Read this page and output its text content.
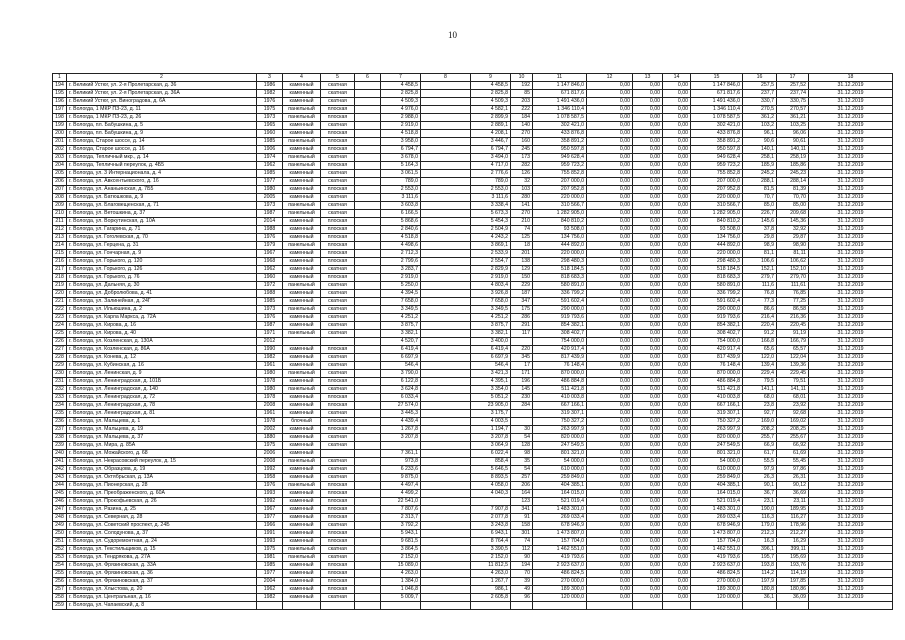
10
1	2	3	4	5	6	7	8	9	10	11	12	13	14	15	16	17	18
194	г. Великий Устюг, ул. 2-я Пролетарская, д. 36	1986	каменный	скатная		4 458,5		4 458,5	192	1 147 846,0	0,00	0,00	0,00	1 147 846,0	257,5	257,52	31.12.2019
195	г. Великий Устюг, ул. 2-я Пролетарская, д. 36А	1982	каменный	скатная		2 825,8		2 825,8	85	671 817,6	0,00	0,00	0,00	671 817,6	237,7	237,74	31.12.2019
196	г. Великий Устюг, ул. Виноградова, д. 6А	1976	каменный	скатная		4 509,3		4 509,3	203	1 491 436,0	0,00	0,00	0,00	1 491 436,0	330,7	330,75	31.12.2019
197	г. Вологда, 1 МКР ПЗ-23, д. 11	1975	панельный	плоская		4 976,0		4 582,1	222	1 346 110,4	0,00	0,00	0,00	1 346 110,4	270,5	270,57	31.12.2019
198	г. Вологда, 1 МКР ПЗ-23, д. 26	1973	панельный	плоская		2 988,0		2 899,9	184	1 078 587,5	0,00	0,00	0,00	1 078 587,5	361,2	361,21	31.12.2019
199	г. Вологда, пл. Бабушкина, д. 5	1965	каменный	скатная		2 919,0		2 889,1	140	302 421,0	0,00	0,00	0,00	302 421,0	103,2	103,25	31.12.2019
200	г. Вологда, пл. Бабушкина, д. 9	1960	каменный	плоская		4 518,8		4 208,1	270	433 876,8	0,00	0,00	0,00	433 876,8	96,1	96,06	31.12.2019
201	г. Вологда, Старое шоссе, д. 14	1985	панельный	плоская		3 958,0		3 446,7	160	358 891,2	0,00	0,00	0,00	358 891,2	90,6	90,61	31.12.2019
202	г. Вологда, Старое шоссе, д. 16	1906	каменный	плоская		6 794,7		6 794,7	245	950 597,8	0,00	0,00	0,00	950 597,8	140,1	140,11	31.12.2019
203	г. Вологда, Тепличный мкр., д. 14	1974	панельный	скатная		3 678,0		3 494,0	173	949 628,4	0,00	0,00	0,00	949 628,4	258,1	258,19	31.12.2019
204	г. Вологда, Тепличный переулок, д. 4Б5	1962	панельный	плоская		5 164,3		4 717,0	282	959 723,2	0,00	0,00	0,00	959 723,2	185,9	185,86	31.12.2019
205	г. Вологда, ул. 3 Интернационала, д. 4	1985	каменный	скатная		3 061,5		2 776,6	126	755 852,8	0,00	0,00	0,00	755 852,8	245,2	245,23	31.12.2019
206	г. Вологда, ул. Авксентьевского, д. 16	1977	каменный	скатная		789,0		789,0	32	207 000,0	0,00	0,00	0,00	207 000,0	288,1	288,14	31.12.2019
207	г. Вологда, ул. Ананьинская, д. 7Б5	1980	каменный	плоская		2 553,0		2 553,0	103	207 952,8	0,00	0,00	0,00	207 952,8	81,5	81,39	31.12.2019
208	г. Вологда, ул. Батюшкова, д. 9	2005	каменный	скатная		3 111,6		3 111,6	280	220 000,0	0,00	0,00	0,00	220 000,0	70,7	70,70	31.12.2019
209	г. Вологда, ул. Благовещенская, д. 71	1973	панельный	скатная		3 603,8		3 338,4	141	310 566,7	0,00	0,00	0,00	310 566,7	85,0	85,00	31.12.2019
210	г. Вологда, ул. Ветошкина, д. 37	1987	панельный	скатная		6 166,5		5 673,3	270	1 282 905,0	0,00	0,00	0,00	1 282 905,0	226,7	209,68	31.12.2019
211	г. Вологда, ул. Воркутинская, д. 10А	2014	каменный	плоская		5 868,6		5 454,3	210	840 810,2	0,00	0,00	0,00	840 810,2	145,6	145,36	31.12.2019
212	г. Вологда, ул. Гагарина, д. 71	1988	каменный	плоская		2 840,6		2 504,9	74	93 508,0	0,00	0,00	0,00	93 508,0	37,8	32,92	31.12.2019
213	г. Вологда, ул. Гоголевская, д. 70	1976	каменный	плоская		4 518,8		4 243,2	125	134 756,0	0,00	0,00	0,00	134 756,0	29,8	29,87	31.12.2019
214	г. Вологда, ул. Герцена, д. 31	1979	панельный	плоская		4 498,6		3 869,1	18	444 892,0	0,00	0,00	0,00	444 892,0	98,9	98,90	31.12.2019
215	г. Вологда, ул. Гончарная, д. 9	1967	каменный	плоская		2 712,3		2 533,9	201	220 000,0	0,00	0,00	0,00	220 000,0	81,1	81,11	31.12.2019
216	г. Вологда, ул. Горького, д. 120	1968	каменный	плоская		2 799,6		2 554,7	138	298 480,3	0,00	0,00	0,00	298 480,3	106,6	106,62	31.12.2019
217	г. Вологда, ул. Горького, д. 126	1962	каменный	скатная		3 283,7		2 829,9	129	518 184,5	0,00	0,00	0,00	518 184,5	152,1	152,10	31.12.2019
218	г. Вологда, ул. Горького, д. 76	1960	каменный	плоская		2 919,0		2 919,0	150	818 683,3	0,00	0,00	0,00	818 683,3	279,7	279,70	31.12.2019
219	г. Вологда, ул. Дальняя, д. 30	1972	панельный	скатная		5 250,0		4 803,4	229	580 891,0	0,00	0,00	0,00	580 891,0	111,6	111,61	31.12.2019
220	г. Вологда, ул. Добролюбова, д. 41	1988	каменный	скатная		4 394,5		3 926,8	187	336 799,2	0,00	0,00	0,00	336 799,2	76,8	76,85	31.12.2019
221	г. Вологда, ул. Залинейная, д. 24Г	1985	каменный	скатная		7 658,0		7 658,0	347	591 602,4	0,00	0,00	0,00	591 602,4	77,3	77,25	31.12.2019
222	г. Вологда, ул. Ильюшина, д. 2	1973	панельный	скатная		3 349,5		3 349,5	175	290 000,0	0,00	0,00	0,00	290 000,0	86,6	86,58	31.12.2019
223	г. Вологда, ул. Карла Маркса, д. 72А	1976	каменный	скатная		4 251,2		4 251,2	286	919 793,6	0,00	0,00	0,00	919 793,6	216,4	216,36	31.12.2019
224	г. Вологда, ул. Кирова, д. 16	1987	каменный	скатная		3 875,7		3 875,7	291	854 382,1	0,00	0,00	0,00	854 382,1	220,4	220,45	31.12.2019
225	г. Вологда, ул. Кирова, д. 40	1971	панельный	скатная		3 382,1		3 382,1	117	308 402,7	0,00	0,00	0,00	308 402,7	91,2	91,19	31.12.2019
226	г. Вологда, ул. Козленская, д. 130А	2012				4 520,7		3 400,0		754 000,0	0,00	0,00	0,00	754 000,0	166,8	166,79	31.12.2019
227	г. Вологда, ул. Козленская, д. 86А	1990	каменный	плоская		6 419,4		6 419,4	220	420 917,4	0,00	0,00	0,00	420 917,4	65,6	65,57	31.12.2019
228	г. Вологда, ул. Конева, д. 12	1982	каменный	скатная		6 697,9		6 697,9	345	817 439,9	0,00	0,00	0,00	817 439,9	122,0	122,04	31.12.2019
229	г. Вологда, ул. Кубинская, д. 16	1961	каменный	скатная		546,4		546,4	17	76 148,4	0,00	0,00	0,00	76 148,4	139,4	139,36	31.12.2019
230	г. Вологда, ул. Ленинская, д. 9	1980	панельный	скатная		3 790,0		3 421,3	171	870 000,0	0,00	0,00	0,00	870 000,0	229,4	229,45	31.12.2019
231	г. Вологда, ул. Ленинградская, д. 101Б	1978	каменный	плоская		6 122,8		4 395,1	196	486 884,8	0,00	0,00	0,00	486 884,8	79,5	79,51	31.12.2019
232	г. Вологда, ул. Ленинградская, д. 140	1980	панельный	скатная		3 624,8		3 354,0	145	511 421,8	0,00	0,00	0,00	511 421,8	141,1	141,11	31.12.2019
233	г. Вологда, ул. Ленинградская, д. 72	1978	каменный	плоская		6 033,4		5 051,2	230	410 003,8	0,00	0,00	0,00	410 003,8	68,0	68,01	31.12.2019
234	г. Вологда, ул. Ленинградская, д. 78	2008	каменный	плоская		27 574,0		23 905,0	284	667 166,1	0,00	0,00	0,00	667 166,1	23,8	23,92	31.12.2019
235	г. Вологда, ул. Ленинградская, д. 81	1961	каменный	скатная		3 445,3		3 175,7		319 307,1	0,00	0,00	0,00	319 307,1	92,7	92,68	31.12.2019
236	г. Вологда, ул. Мальцева, д. 1	1978	блочный	плоская		4 439,4		4 003,5		750 327,2	0,00	0,00	0,00	750 327,2	169,0	169,02	31.12.2019
237	г. Вологда, ул. Мальцева, д. 19	2002	каменный	плоская		1 267,8		1 194,7	30	263 997,9	0,00	0,00	0,00	263 997,9	208,2	208,25	31.12.2019
238	г. Вологда, ул. Мальцева, д. 37	1880	каменный	скатная		3 207,8		3 207,8	54	820 000,0	0,00	0,00	0,00	820 000,0	255,7	255,67	31.12.2019
239	г. Вологда, ул. Мира, д. 85А	1975	каменный	скатная				3 064,9	128	247 549,5	0,00	0,00	0,00	247 549,5	66,9	66,92	31.12.2019
240	г. Вологда, ул. Можайского, д. 68	2006	каменный			7 361,1		6 022,4	98	801 321,0	0,00	0,00	0,00	801 321,0	61,7	61,69	31.12.2019
241	г. Вологда, ул. Некрасовский переулок, д. 15	2008	панельный	скатная		973,8		858,4	35	54 000,0	0,00	0,00	0,00	54 000,0	55,5	55,45	31.12.2019
242	г. Вологда, ул. Образцова, д. 19	1992	каменный	скатная		6 233,6		5 646,5	54	610 000,0	0,00	0,00	0,00	610 000,0	97,9	97,86	31.12.2019
243	г. Вологда, ул. Октябрьская, д. 13А	1958	каменный	скатная		9 875,0		8 893,5	257	259 849,0	0,00	0,00	0,00	259 849,0	26,3	26,31	31.12.2019
244	г. Вологда, ул. Пионерская, д. 28	1976	панельный	плоская		4 497,4		4 058,0	206	404 385,1	0,00	0,00	0,00	404 385,1	90,1	90,12	31.12.2019
245	г. Вологда, ул. Преображенского, д. 60А	1993	каменный	плоская		4 499,2		4 040,3	164	164 015,0	0,00	0,00	0,00	164 015,0	36,7	36,69	31.12.2019
246	г. Вологда, ул. Прокофьевская, д. 26	1992	каменный	плоская		22 541,0			123	521 019,4	0,00	0,00	0,00	521 019,4	23,1	23,11	31.12.2019
247	г. Вологда, ул. Разина, д. 25	1967	каменный	плоская		7 807,6		7 907,8	341	1 483 301,0	0,00	0,00	0,00	1 483 301,0	190,0	189,95	31.12.2019
248	г. Вологда, ул. Северная, д. 28	1977	каменный	плоская		2 313,7		2 077,8	91	269 033,4	0,00	0,00	0,00	269 033,4	116,3	116,27	31.12.2019
249	г. Вологда, ул. Советский проспект, д. 24Б	1966	каменный	скатная		3 792,2		3 243,8	158	678 946,9	0,00	0,00	0,00	678 946,9	179,0	178,96	31.12.2019
250	г. Вологда, ул. Солодунова, д. 37	1991	каменный	плоская		5 943,1		6 943,1	301	1 473 807,0	0,00	0,00	0,00	1 473 807,0	212,3	212,27	31.12.2019
251	г. Вологда, ул. Судоремонтная, д. 24	1993	каменный	плоская		9 681,5		8 764,4	74	157 704,0	0,00	0,00	0,00	157 704,0	16,3	16,29	31.12.2019
252	г. Вологда, ул. Текстильщиков, д. 15	1975	панельный	скатная		3 864,5		3 390,5	112	1 462 551,0	0,00	0,00	0,00	1 462 551,0	396,1	399,11	31.12.2019
253	г. Вологда, ул. Тендрякова, д. 27А	1981	панельный	скатная		2 152,0		2 152,0	90	419 793,6	0,00	0,00	0,00	419 793,6	195,7	195,69	31.12.2019
254	г. Вологда, ул. Фрязиновская, д. 33А	1985	каменный	плоская		15 089,0		11 812,5	194	2 923 637,0	0,00	0,00	0,00	2 923 637,0	193,8	193,76	31.12.2019
255	г. Вологда, ул. Фрязиновская, д. 36	1977	каменный	плоская		4 263,0		4 263,0	70	486 824,5	0,00	0,00	0,00	486 824,5	114,2	114,19	31.12.2019
256	г. Вологда, ул. Фрязиновская, д. 37	2004	каменный	плоская		1 384,0		1 267,7	39	270 000,0	0,00	0,00	0,00	270 000,0	197,9	197,85	31.12.2019
257	г. Вологда, ул. Хлыстова, д. 20	1962	каменный	плоская		1 046,8		986,1	49	189 300,0	0,00	0,00	0,00	189 300,0	180,8	180,86	31.12.2019
258	г. Вологда, ул. Центральная, д. 16	1982	каменный	скатная		5 009,7		2 605,8	96	120 000,0	0,00	0,00	0,00	120 000,0	36,1	36,09	31.12.2019
259	г. Вологда, ул. Чапаевский, д. 8																
